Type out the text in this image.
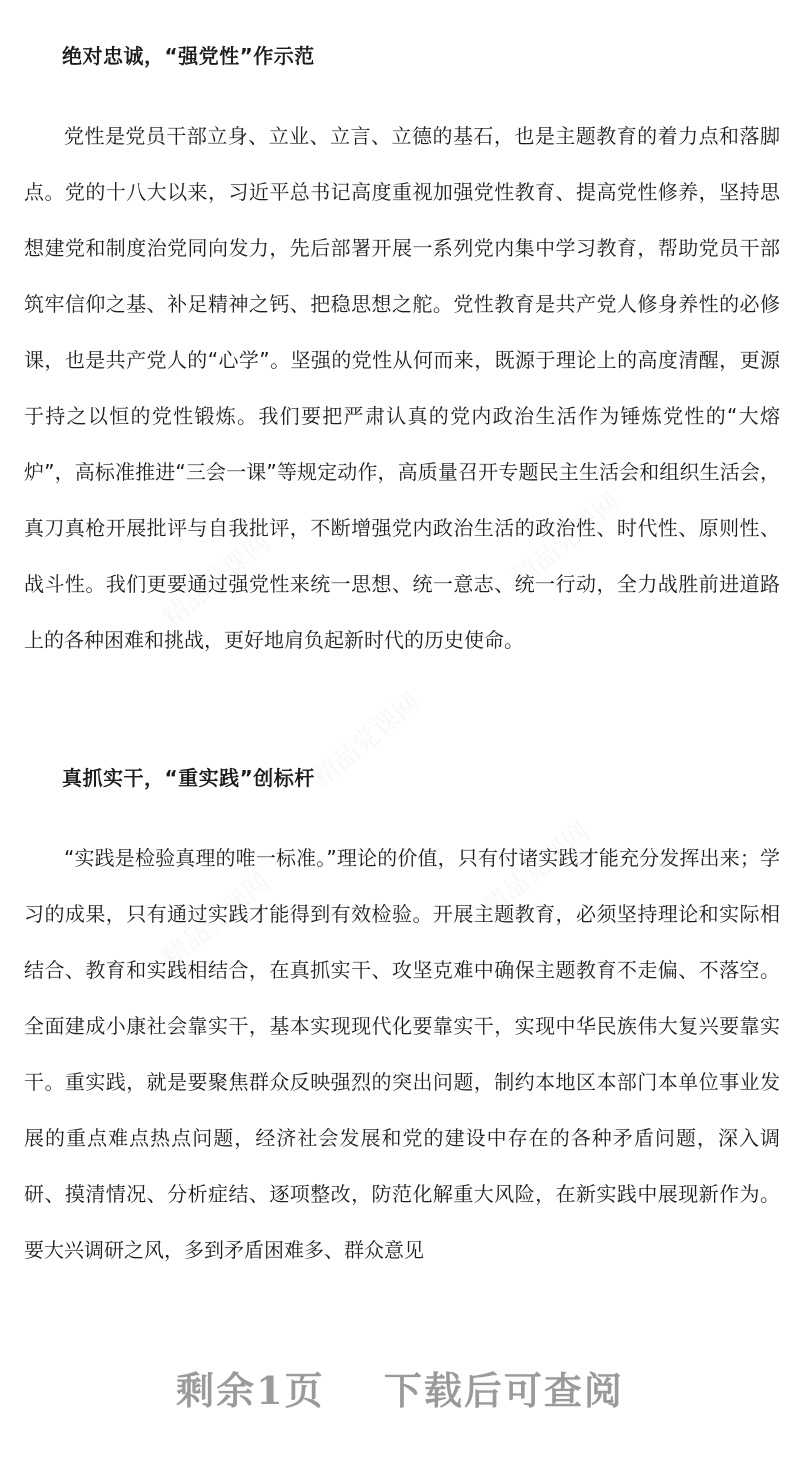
绝对忠诚，“强党性”作示范

党性是党员干部立身、立业、立言、立德的基石，也是主题教育的着力点和落脚点。党的十八大以来，习近平总书记高度重视加强党性教育、提高党性修养，坚持思想建党和制度治党同向发力，先后部署开展一系列党内集中学习教育，帮助党员干部筑牢信仰之基、补足精神之钙、把稳思想之舵。党性教育是共产党人修身养性的必修课，也是共产党人的“心学”。坚强的党性从何而来，既源于理论上的高度清醒，更源于持之以恒的党性锻炼。我们要把严肃认真的党内政治生活作为锤炼党性的“大熔炉”，高标准推进“三会一课”等规定动作，高质量召开专题民主生活会和组织生活会，真刀真枪开展批评与自我批评，不断增强党内政治生活的政治性、时代性、原则性、战斗性。我们更要通过强党性来统一思想、统一意志、统一行动，全力战胜前进道路上的各种困难和挑战，更好地肩负起新时代的历史使命。

真抓实干，“重实践”创标杆

“实践是检验真理的唯一标准。”理论的价值，只有付诸实践才能充分发挥出来；学习的成果，只有通过实践才能得到有效检验。开展主题教育，必须坚持理论和实际相结合、教育和实践相结合，在真抓实干、攻坚克难中确保主题教育不走偏、不落空。全面建成小康社会靠实干，基本实现现代化要靠实干，实现中华民族伟大复兴要靠实干。重实践，就是要聚焦群众反映强烈的突出问题，制约本地区本部门本单位事业发展的重点难点热点问题，经济社会发展和党的建设中存在的各种矛盾问题，深入调研、摸清情况、分析症结、逐项整改，防范化解重大风险，在新实践中展现新作为。要大兴调研之风，多到矛盾困难多、群众意见

剩余1页 下载后可查阅
